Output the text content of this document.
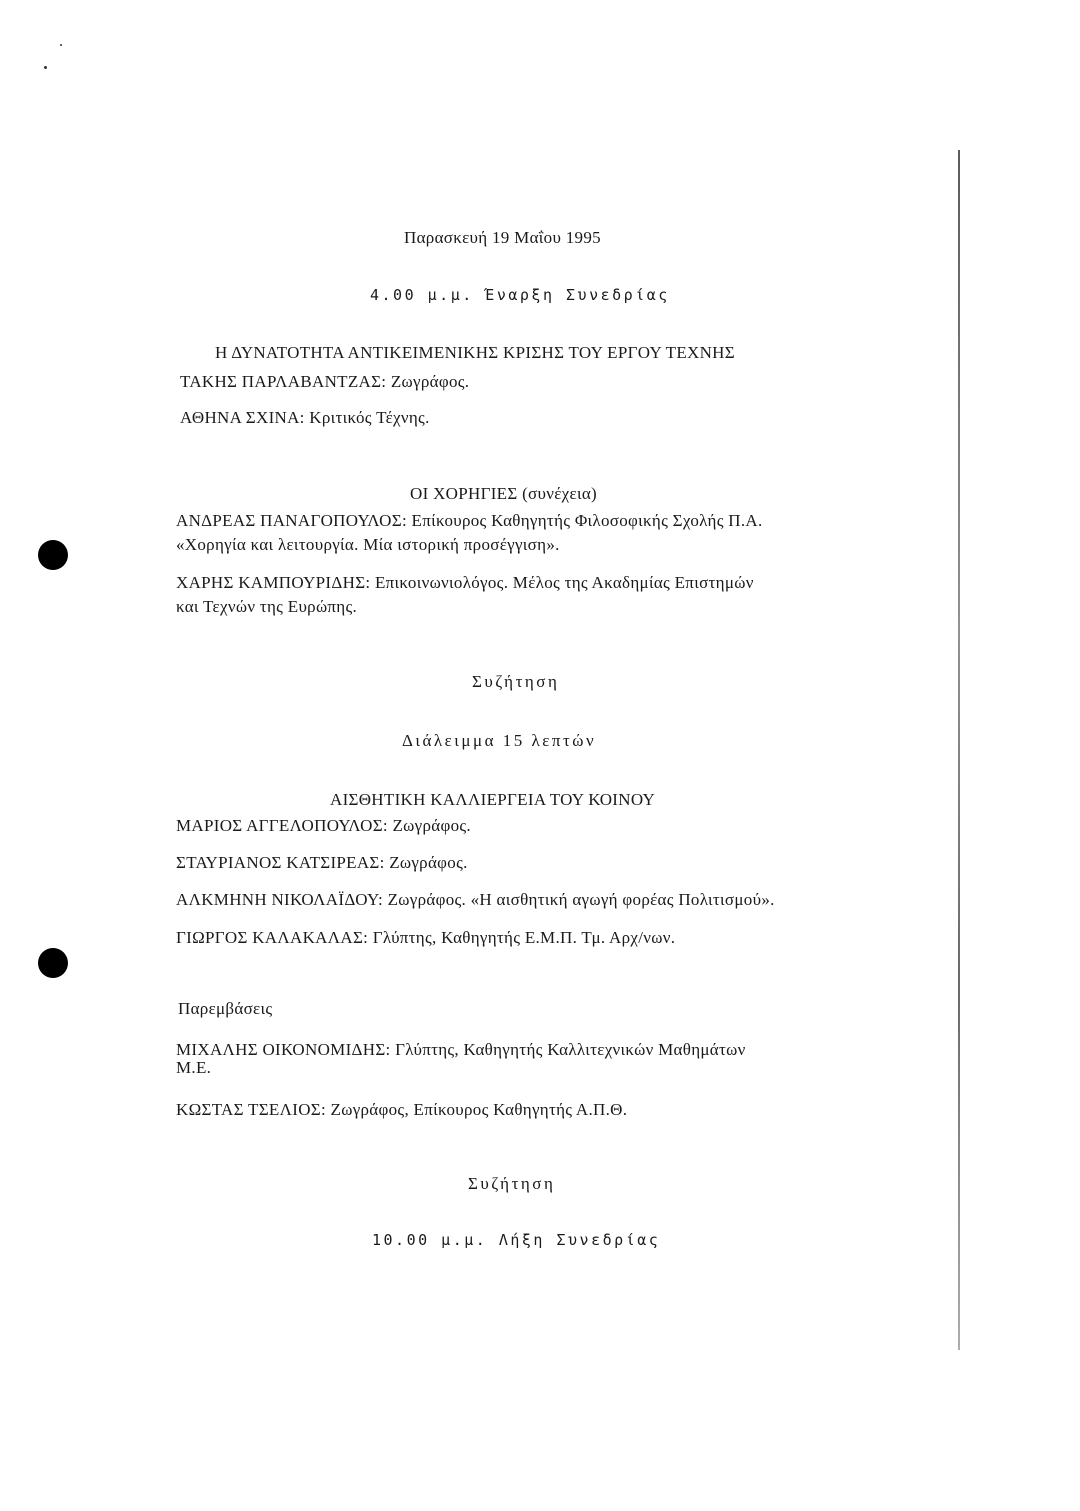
Παρασκευή 19 Μαΐου 1995
4.00 μ.μ. Έναρξη Συνεδρίας
Η ΔΥΝΑΤΟΤΗΤΑ ΑΝΤΙΚΕΙΜΕΝΙΚΗΣ ΚΡΙΣΗΣ ΤΟΥ ΕΡΓΟΥ ΤΕΧΝΗΣ
ΤΑΚΗΣ ΠΑΡΛΑΒΑΝΤΖΑΣ: Ζωγράφος.
ΑΘΗΝΑ ΣΧΙΝΑ: Κριτικός Τέχνης.
ΟΙ ΧΟΡΗΓΙΕΣ (συνέχεια)
ΑΝΔΡΕΑΣ ΠΑΝΑΓΟΠΟΥΛΟΣ: Επίκουρος Καθηγητής Φιλοσοφικής Σχολής Π.Α.
«Χορηγία και λειτουργία. Μία ιστορική προσέγγιση».
ΧΑΡΗΣ ΚΑΜΠΟΥΡΙΔΗΣ: Επικοινωνιολόγος. Μέλος της Ακαδημίας Επιστημών
και Τεχνών της Ευρώπης.
Συζήτηση
Διάλειμμα 15 λεπτών
ΑΙΣΘΗΤΙΚΗ ΚΑΛΛΙΕΡΓΕΙΑ ΤΟΥ ΚΟΙΝΟΥ
ΜΑΡΙΟΣ ΑΓΓΕΛΟΠΟΥΛΟΣ: Ζωγράφος.
ΣΤΑΥΡΙΑΝΟΣ ΚΑΤΣΙΡΕΑΣ: Ζωγράφος.
ΑΛΚΜΗΝΗ ΝΙΚΟΛΑΪΔΟΥ: Ζωγράφος. «Η αισθητική αγωγή φορέας Πολιτισμού».
ΓΙΩΡΓΟΣ ΚΑΛΑΚΑΛΑΣ: Γλύπτης, Καθηγητής Ε.Μ.Π. Τμ. Αρχ/νων.
Παρεμβάσεις
ΜΙΧΑΛΗΣ ΟΙΚΟΝΟΜΙΔΗΣ: Γλύπτης, Καθηγητής Καλλιτεχνικών Μαθημάτων
Μ.Ε.
ΚΩΣΤΑΣ ΤΣΕΛΙΟΣ: Ζωγράφος, Επίκουρος Καθηγητής Α.Π.Θ.
Συζήτηση
10.00 μ.μ. Λήξη Συνεδρίας
